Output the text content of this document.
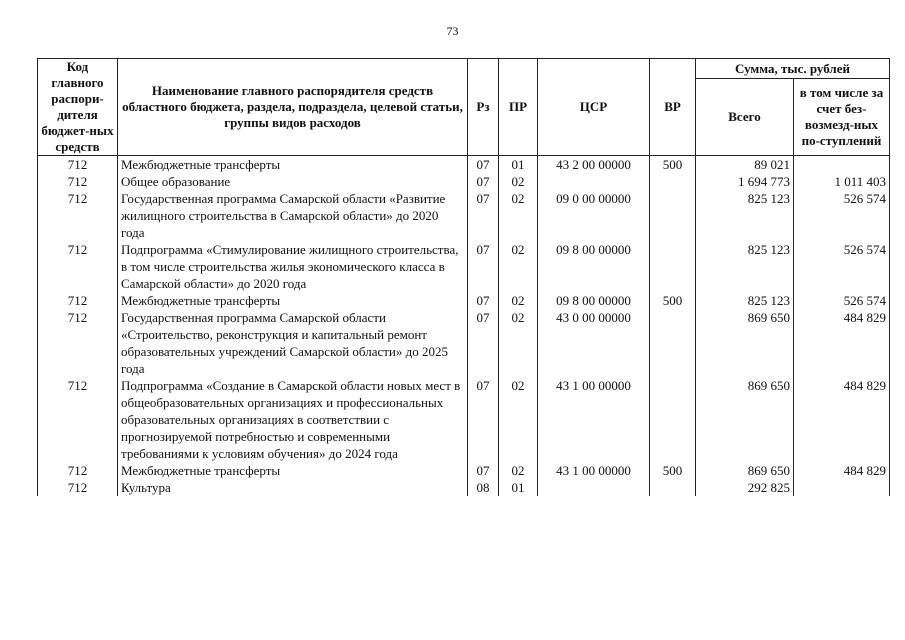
73
Код главного распори-дителя бюджет-ных средств	Наименование главного распорядителя средств областного бюджета, раздела, подраздела, целевой статьи, группы видов расходов	Рз	ПР	ЦСР	ВР	Сумма, тыс. рублей	
						Всего	в том числе за счет без-возмезд-ных по-ступлений
712	Межбюджетные трансферты	07	01	43 2 00 00000	500	89 021	
712	Общее образование	07	02			1 694 773	1 011 403
712	Государственная программа Самарской области «Развитие жилищного строительства в Самарской области» до 2020 года	07	02	09 0 00 00000		825 123	526 574
712	Подпрограмма «Стимулирование жилищного строительства, в том числе строительства жилья экономического класса в Самарской области» до 2020 года	07	02	09 8 00 00000		825 123	526 574
712	Межбюджетные трансферты	07	02	09 8 00 00000	500	825 123	526 574
712	Государственная программа Самарской области «Строительство, реконструкция и капитальный ремонт образовательных учреждений Самарской области» до 2025 года	07	02	43 0 00 00000		869 650	484 829
712	Подпрограмма «Создание в Самарской области новых мест в общеобразовательных организациях и профессиональных образовательных организациях в соответствии с прогнозируемой потребностью и современными требованиями к условиям обучения» до 2024 года	07	02	43 1 00 00000		869 650	484 829
712	Межбюджетные трансферты	07	02	43 1 00 00000	500	869 650	484 829
712	Культура	08	01			292 825	
